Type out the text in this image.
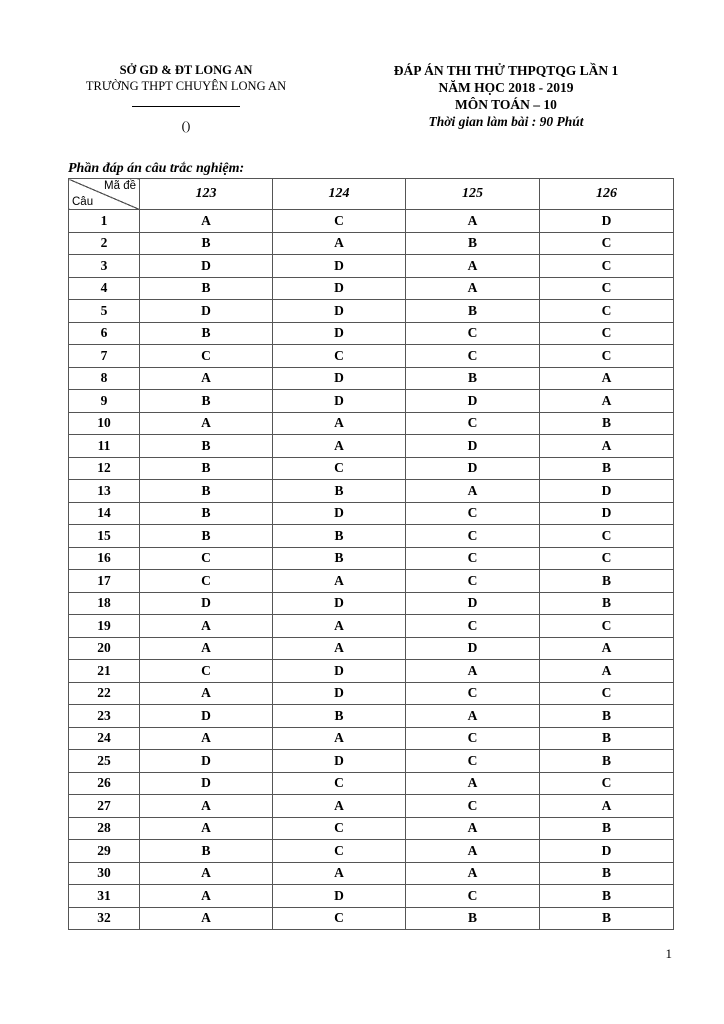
SỞ GD & ĐT LONG AN
TRƯỜNG THPT CHUYÊN LONG AN
()
ĐÁP ÁN THI THỬ THPQTQG LẦN 1
NĂM HỌC 2018 - 2019
MÔN TOÁN – 10
Thời gian làm bài : 90 Phút
Phần đáp án câu trắc nghiệm:
Mã đề
Câu	123	124	125	126
1	A	C	A	D
2	B	A	B	C
3	D	D	A	C
4	B	D	A	C
5	D	D	B	C
6	B	D	C	C
7	C	C	C	C
8	A	D	B	A
9	B	D	D	A
10	A	A	C	B
11	B	A	D	A
12	B	C	D	B
13	B	B	A	D
14	B	D	C	D
15	B	B	C	C
16	C	B	C	C
17	C	A	C	B
18	D	D	D	B
19	A	A	C	C
20	A	A	D	A
21	C	D	A	A
22	A	D	C	C
23	D	B	A	B
24	A	A	C	B
25	D	D	C	B
26	D	C	A	C
27	A	A	C	A
28	A	C	A	B
29	B	C	A	D
30	A	A	A	B
31	A	D	C	B
32	A	C	B	B
1
